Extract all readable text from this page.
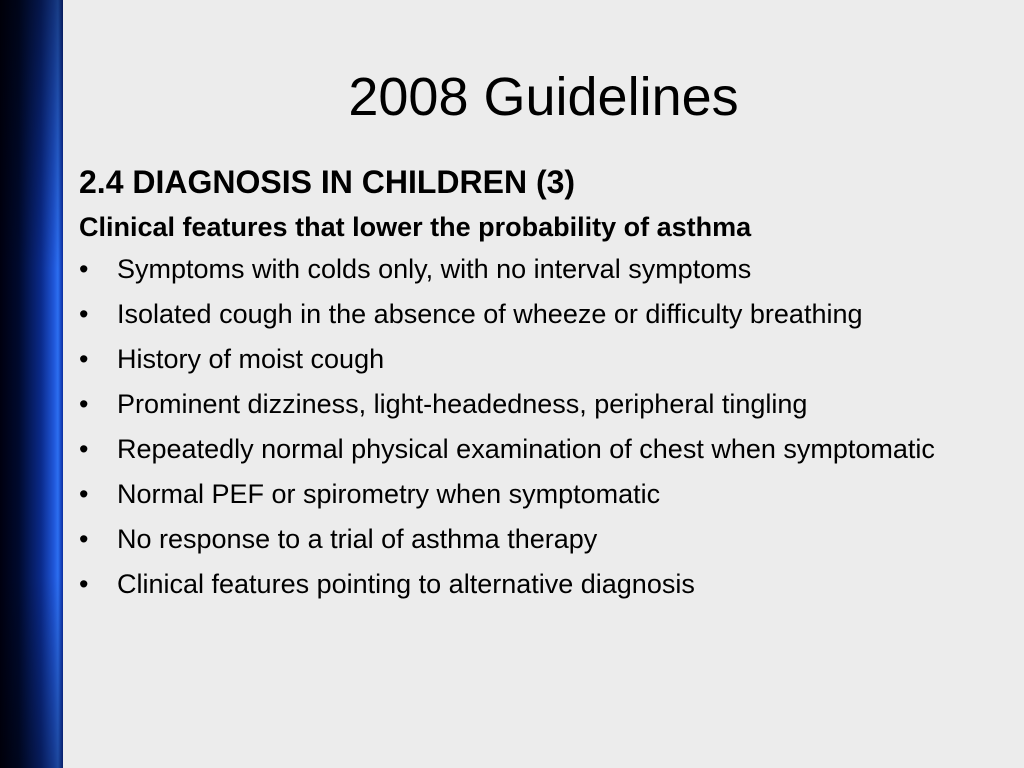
2008 Guidelines

2.4 DIAGNOSIS IN CHILDREN (3)

Clinical features that lower the probability of asthma

•	Symptoms with colds only, with no interval symptoms
•	Isolated cough in the absence of wheeze or difficulty breathing
•	History of moist cough
•	Prominent dizziness, light-headedness, peripheral tingling
•	Repeatedly normal physical examination of chest when symptomatic
•	Normal PEF or spirometry when symptomatic
•	No response to a trial of asthma therapy
•	Clinical features pointing to alternative diagnosis
